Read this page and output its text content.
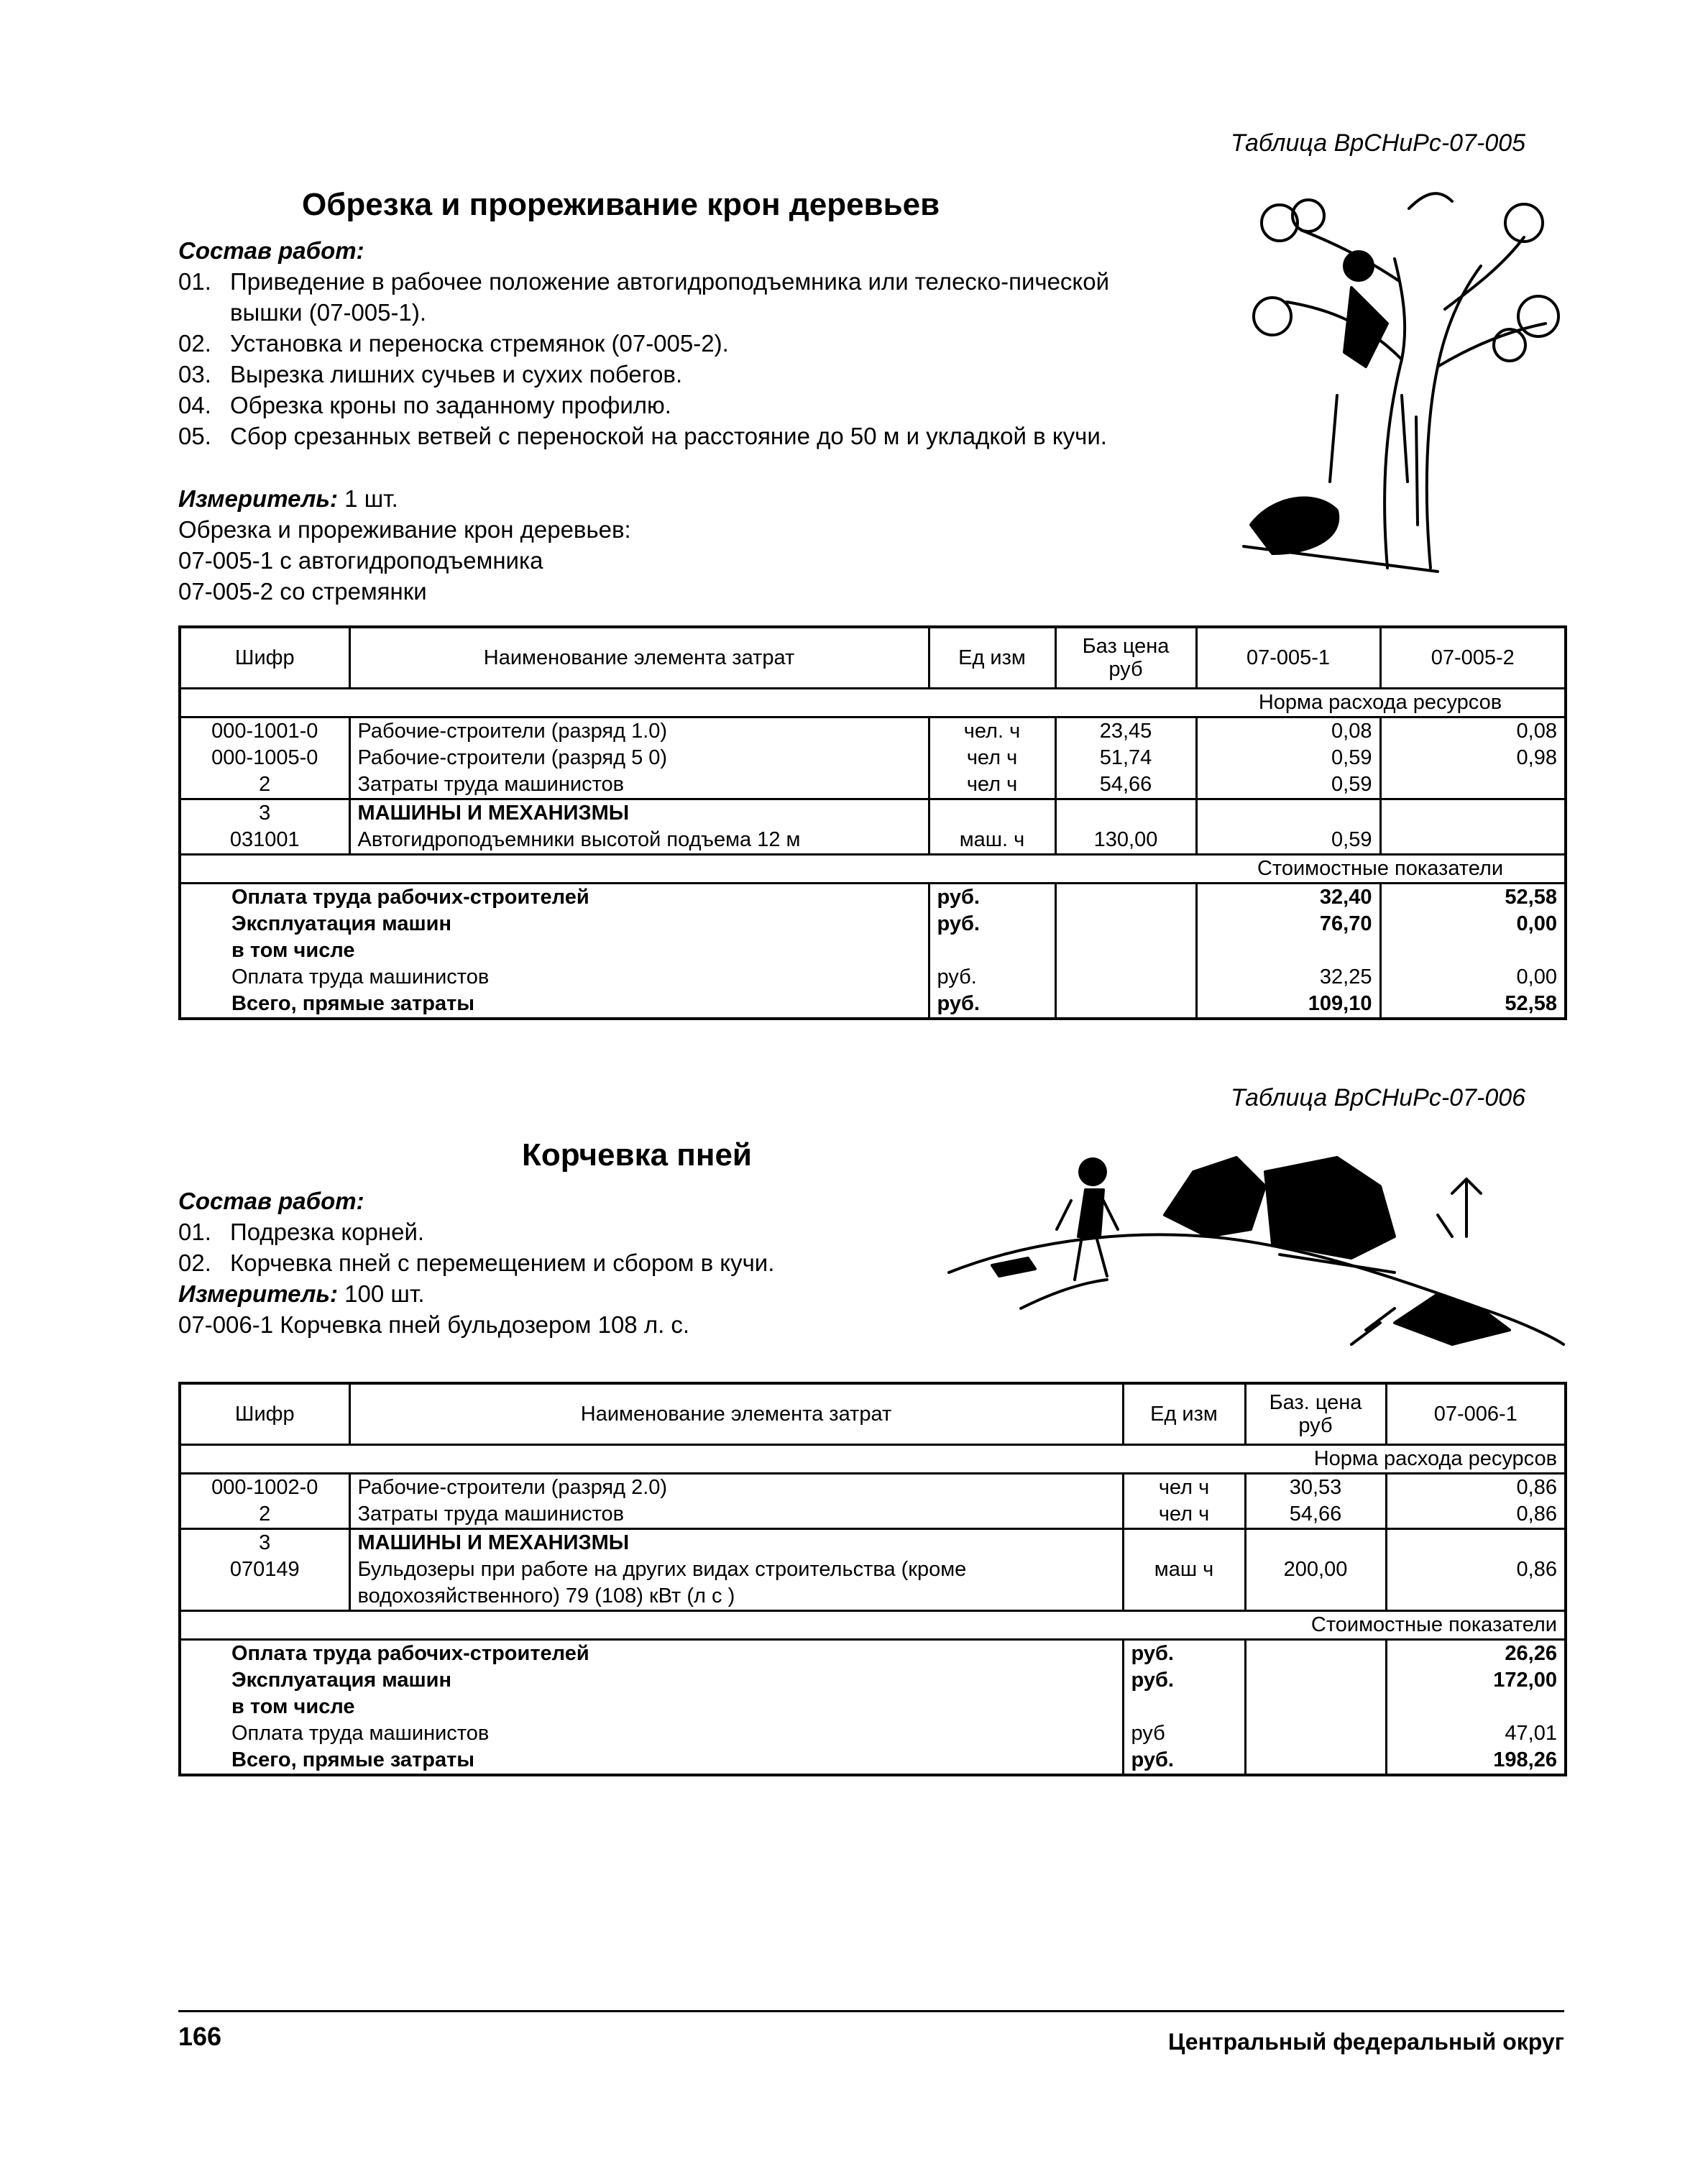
Таблица ВрСНиРс-07-005
Обрезка и прореживание крон деревьев
Состав работ:
01. Приведение в рабочее положение автогидроподъемника или телеско-пической вышки (07-005-1).
02. Установка и переноска стремянок (07-005-2).
03. Вырезка лишних сучьев и сухих побегов.
04. Обрезка кроны по заданному профилю.
05. Сбор срезанных ветвей с переноской на расстояние до 50 м и укладкой в кучи.
Измеритель: 1 шт.
Обрезка и прореживание крон деревьев:
07-005-1 с автогидроподъемника
07-005-2 со стремянки
Шифр	Наименование элемента затрат	Ед изм	Баз цена руб	07-005-1	07-005-2
				Норма расхода ресурсов	
000-1001-0	Рабочие-строители (разряд 1.0)	чел. ч	23,45	0,08	0,08
000-1005-0	Рабочие-строители (разряд 5 0)	чел ч	51,74	0,59	0,98
2	Затраты труда машинистов	чел ч	54,66	0,59	
3	МАШИНЫ И МЕХАНИЗМЫ				
031001	Автогидроподъемники высотой подъема 12 м	маш. ч	130,00	0,59	
				Стоимостные показатели	
Оплата труда рабочих-строителей		руб.		32,40	52,58
Эксплуатация машин		руб.		76,70	0,00
в том числе					
Оплата труда машинистов		руб.		32,25	0,00
Всего, прямые затраты		руб.		109,10	52,58
Таблица ВрСНиРс-07-006
Корчевка пней
Состав работ:
01. Подрезка корней.
02. Корчевка пней с перемещением и сбором в кучи.
Измеритель: 100 шт.
07-006-1 Корчевка пней бульдозером 108 л. с.
Шифр	Наименование элемента затрат	Ед изм	Баз. цена руб	07-006-1
			Норма расхода ресурсов	
000-1002-0	Рабочие-строители (разряд 2.0)	чел ч	30,53	0,86
2	Затраты труда машинистов	чел ч	54,66	0,86
3	МАШИНЫ И МЕХАНИЗМЫ			
070149	Бульдозеры при работе на других видах строительства (кроме	маш ч	200,00	0,86
	водохозяйственного) 79 (108) кВт (л с )			
			Стоимостные показатели	
Оплата труда рабочих-строителей		руб.		26,26
Эксплуатация машин		руб.		172,00
в том числе				
Оплата труда машинистов		руб		47,01
Всего, прямые затраты		руб.		198,26
166	Центральный федеральный округ
